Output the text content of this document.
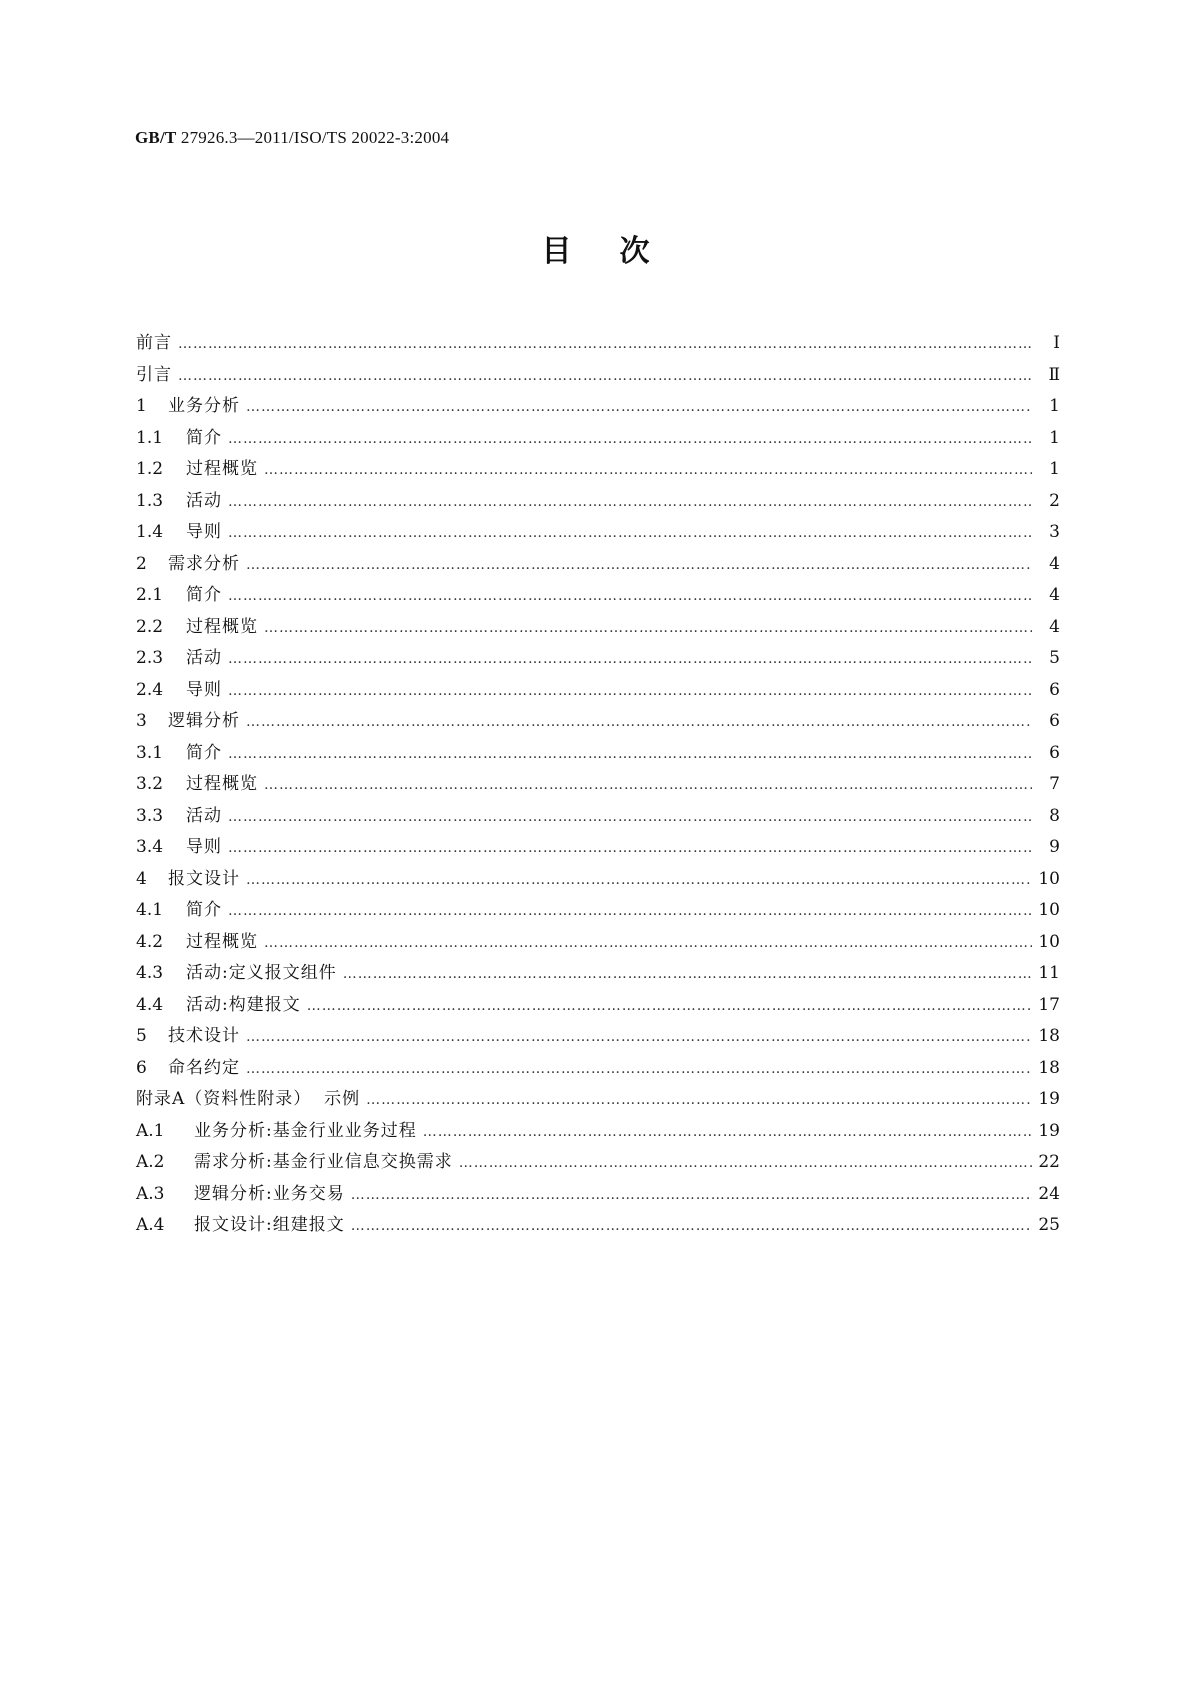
GB/T 27926.3—2011/ISO/TS 20022-3:2004
目次
前言 …………………………………………………………………………………………………………………………………………………………………………………………………………………………………………	Ⅰ
引言 …………………………………………………………………………………………………………………………………………………………………………………………………………………………………………	Ⅱ
1	业务分析 …………………………………………………………………………………………………………………………………………………………………………………………………………………………………………	1
1.1	简介 …………………………………………………………………………………………………………………………………………………………………………………………………………………………………………	1
1.2	过程概览 …………………………………………………………………………………………………………………………………………………………………………………………………………………………………………	1
1.3	活动 …………………………………………………………………………………………………………………………………………………………………………………………………………………………………………	2
1.4	导则 …………………………………………………………………………………………………………………………………………………………………………………………………………………………………………	3
2	需求分析 …………………………………………………………………………………………………………………………………………………………………………………………………………………………………………	4
2.1	简介 …………………………………………………………………………………………………………………………………………………………………………………………………………………………………………	4
2.2	过程概览 …………………………………………………………………………………………………………………………………………………………………………………………………………………………………………	4
2.3	活动 …………………………………………………………………………………………………………………………………………………………………………………………………………………………………………	5
2.4	导则 …………………………………………………………………………………………………………………………………………………………………………………………………………………………………………	6
3	逻辑分析 …………………………………………………………………………………………………………………………………………………………………………………………………………………………………………	6
3.1	简介 …………………………………………………………………………………………………………………………………………………………………………………………………………………………………………	6
3.2	过程概览 …………………………………………………………………………………………………………………………………………………………………………………………………………………………………………	7
3.3	活动 …………………………………………………………………………………………………………………………………………………………………………………………………………………………………………	8
3.4	导则 …………………………………………………………………………………………………………………………………………………………………………………………………………………………………………	9
4	报文设计 …………………………………………………………………………………………………………………………………………………………………………………………………………………………………………	10
4.1	简介 …………………………………………………………………………………………………………………………………………………………………………………………………………………………………………	10
4.2	过程概览 …………………………………………………………………………………………………………………………………………………………………………………………………………………………………………	10
4.3	活动:定义报文组件 …………………………………………………………………………………………………………………………………………………………………………………………………………………………………………	11
4.4	活动:构建报文 …………………………………………………………………………………………………………………………………………………………………………………………………………………………………………	17
5	技术设计 …………………………………………………………………………………………………………………………………………………………………………………………………………………………………………	18
6	命名约定 …………………………………………………………………………………………………………………………………………………………………………………………………………………………………………	18
附录A（资料性附录）  示例 …………………………………………………………………………………………………………………………………………………………………………………………………………………………………………	19
A.1	业务分析:基金行业业务过程 …………………………………………………………………………………………………………………………………………………………………………………………………………………………………………	19
A.2	需求分析:基金行业信息交换需求 …………………………………………………………………………………………………………………………………………………………………………………………………………………………………………	22
A.3	逻辑分析:业务交易 …………………………………………………………………………………………………………………………………………………………………………………………………………………………………………	24
A.4	报文设计:组建报文 …………………………………………………………………………………………………………………………………………………………………………………………………………………………………………	25
